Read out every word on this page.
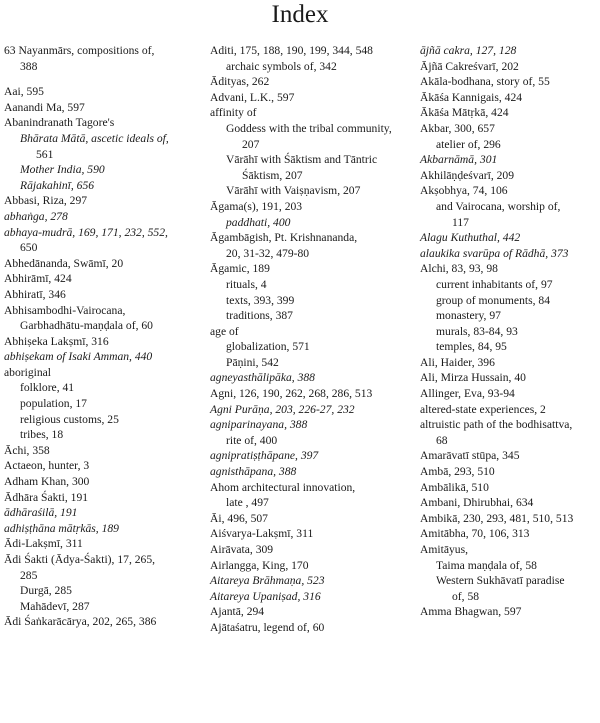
Index
63 Nayanmārs, compositions of,
388
Aai, 595
Aanandi Ma, 597
Abanindranath Tagore's
Bhārata Mātā, ascetic ideals of,
561
Mother India, 590
Rājakahinī, 656
Abbasi, Riza, 297
abhaṅga, 278
abhaya-mudrā, 169, 171, 232, 552,
650
Abhedānanda, Swāmī, 20
Abhirāmī, 424
Abhiratī, 346
Abhisambodhi-Vairocana,
Garbhadhātu-maṇḍala of, 60
Abhiṣeka Lakṣmī, 316
abhiṣekam of Isaki Amman, 440
aboriginal
folklore, 41
population, 17
religious customs, 25
tribes, 18
Āchi, 358
Actaeon, hunter, 3
Adham Khan, 300
Ādhāra Śakti, 191
ādhāraśilā, 191
adhiṣṭhāna mātṛkās, 189
Ādi-Lakṣmī, 311
Ādi Śakti (Ādya-Śakti), 17, 265,
285
Durgā, 285
Mahādevī, 287
Ādi Śaṅkarācārya, 202, 265, 386
Aditi, 175, 188, 190, 199, 344, 548
archaic symbols of, 342
Ādityas, 262
Advani, L.K., 597
affinity of
Goddess with the tribal community, 207
Vārāhī with Śāktism and Tāntric Śāktism, 207
Vārāhī with Vaiṣṇavism, 207
Āgama(s), 191, 203
paddhati, 400
Āgambāgish, Pt. Krishnananda,
20, 31-32, 479-80
Āgamic, 189
rituals, 4
texts, 393, 399
traditions, 387
age of
globalization, 571
Pāṇini, 542
agneyasthālipāka, 388
Agni, 126, 190, 262, 268, 286, 513
Agni Purāṇa, 203, 226-27, 232
agniparinayana, 388
rite of, 400
agnipratiṣṭhāpane, 397
agnisthāpana, 388
Ahom architectural innovation,
late , 497
Āi, 496, 507
Aiśvarya-Lakṣmī, 311
Airāvata, 309
Airlangga, King, 170
Aitareya Brāhmaṇa, 523
Aitareya Upaniṣad, 316
Ajantā, 294
Ajātaśatru, legend of, 60
ājñā cakra, 127, 128
Ājñā Cakreśvarī, 202
Akāla-bodhana, story of, 55
Ākāśa Kannigais, 424
Ākāśa Mātṛkā, 424
Akbar, 300, 657
atelier of, 296
Akbarnāmā, 301
Akhilāṇḍeśvarī, 209
Akṣobhya, 74, 106
and Vairocana, worship of,
117
Alagu Kuthuthal, 442
alaukika svarūpa of Rādhā, 373
Alchi, 83, 93, 98
current inhabitants of, 97
group of monuments, 84
monastery, 97
murals, 83-84, 93
temples, 84, 95
Ali, Haider, 396
Ali, Mirza Hussain, 40
Allinger, Eva, 93-94
altered-state experiences, 2
altruistic path of the bodhisattva,
68
Amarāvatī stūpa, 345
Ambā, 293, 510
Ambālikā, 510
Ambani, Dhirubhai, 634
Ambikā, 230, 293, 481, 510, 513
Amitābha, 70, 106, 313
Amitāyus,
Taima maṇḍala of, 58
Western Sukhāvatī paradise
of, 58
Amma Bhagwan, 597
